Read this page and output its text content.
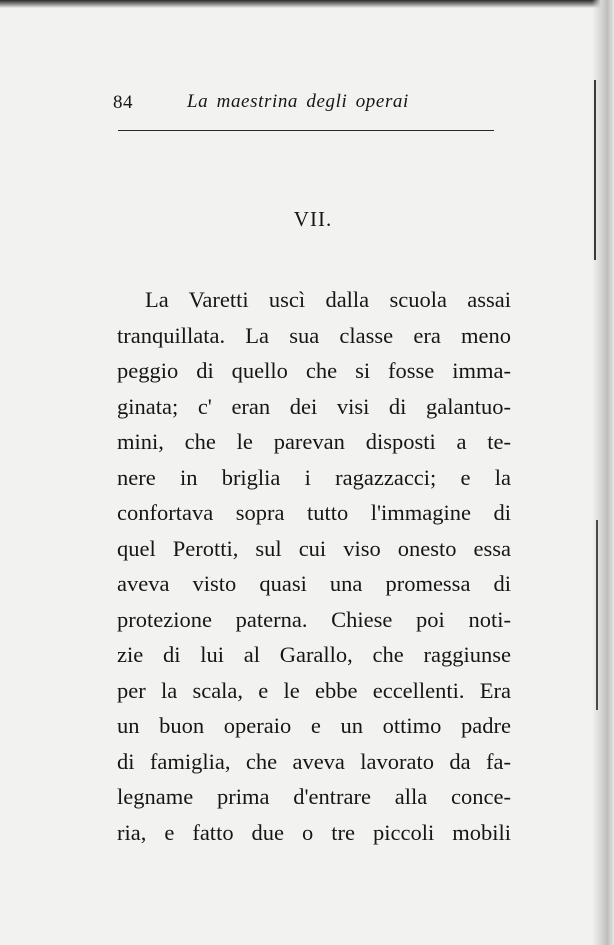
84	La maestrina degli operai
VII.
La Varetti uscì dalla scuola assai
tranquillata. La sua classe era meno
peggio di quello che si fosse imma-
ginata; c' eran dei visi di galantuo-
mini, che le parevan disposti a te-
nere in briglia i ragazzacci; e la
confortava sopra tutto l'immagine di
quel Perotti, sul cui viso onesto essa
aveva visto quasi una promessa di
protezione paterna. Chiese poi noti-
zie di lui al Garallo, che raggiunse
per la scala, e le ebbe eccellenti. Era
un buon operaio e un ottimo padre
di famiglia, che aveva lavorato da fa-
legname prima d'entrare alla conce-
ria, e fatto due o tre piccoli mobili
